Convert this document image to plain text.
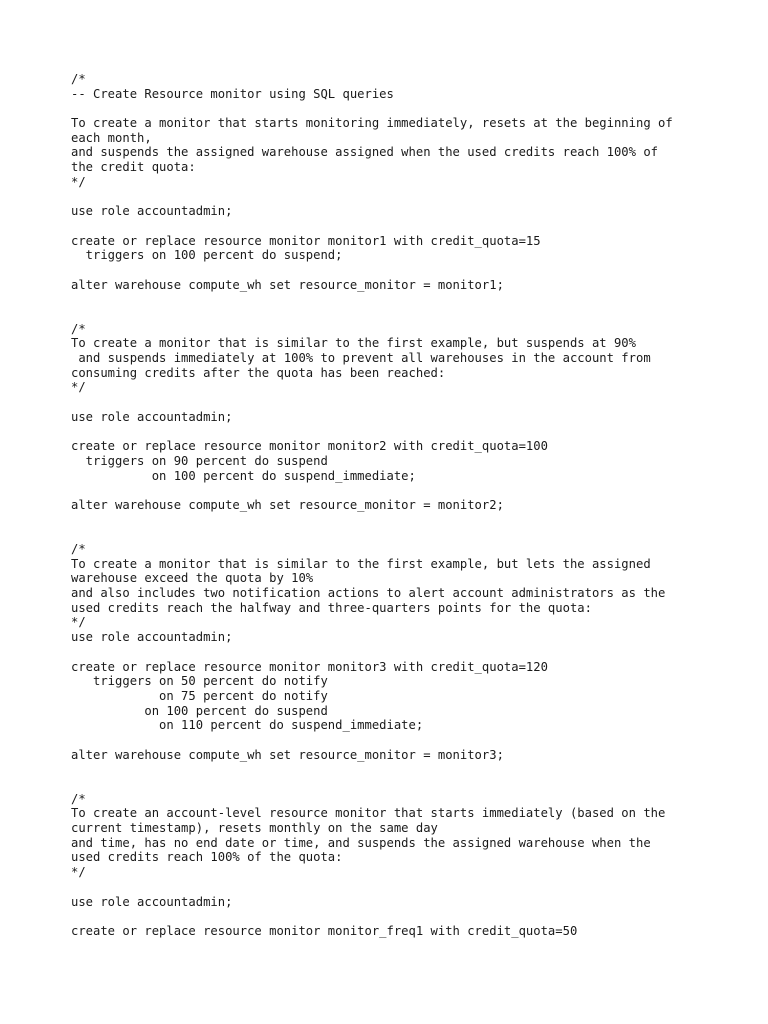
/*
-- Create Resource monitor using SQL queries
To create a monitor that starts monitoring immediately, resets at the beginning of
each month,
and suspends the assigned warehouse assigned when the used credits reach 100% of
the credit quota:
*/
use role accountadmin;
create or replace resource monitor monitor1 with credit_quota=15
triggers on 100 percent do suspend;
alter warehouse compute_wh set resource_monitor = monitor1;
/*
To create a monitor that is similar to the first example, but suspends at 90%
and suspends immediately at 100% to prevent all warehouses in the account from
consuming credits after the quota has been reached:
*/
use role accountadmin;
create or replace resource monitor monitor2 with credit_quota=100
triggers on 90 percent do suspend
on 100 percent do suspend_immediate;
alter warehouse compute_wh set resource_monitor = monitor2;
/*
To create a monitor that is similar to the first example, but lets the assigned
warehouse exceed the quota by 10%
and also includes two notification actions to alert account administrators as the
used credits reach the halfway and three-quarters points for the quota:
*/
use role accountadmin;
create or replace resource monitor monitor3 with credit_quota=120
triggers on 50 percent do notify
on 75 percent do notify
on 100 percent do suspend
on 110 percent do suspend_immediate;
alter warehouse compute_wh set resource_monitor = monitor3;
/*
To create an account-level resource monitor that starts immediately (based on the
current timestamp), resets monthly on the same day
and time, has no end date or time, and suspends the assigned warehouse when the
used credits reach 100% of the quota:
*/
use role accountadmin;
create or replace resource monitor monitor_freq1 with credit_quota=50
